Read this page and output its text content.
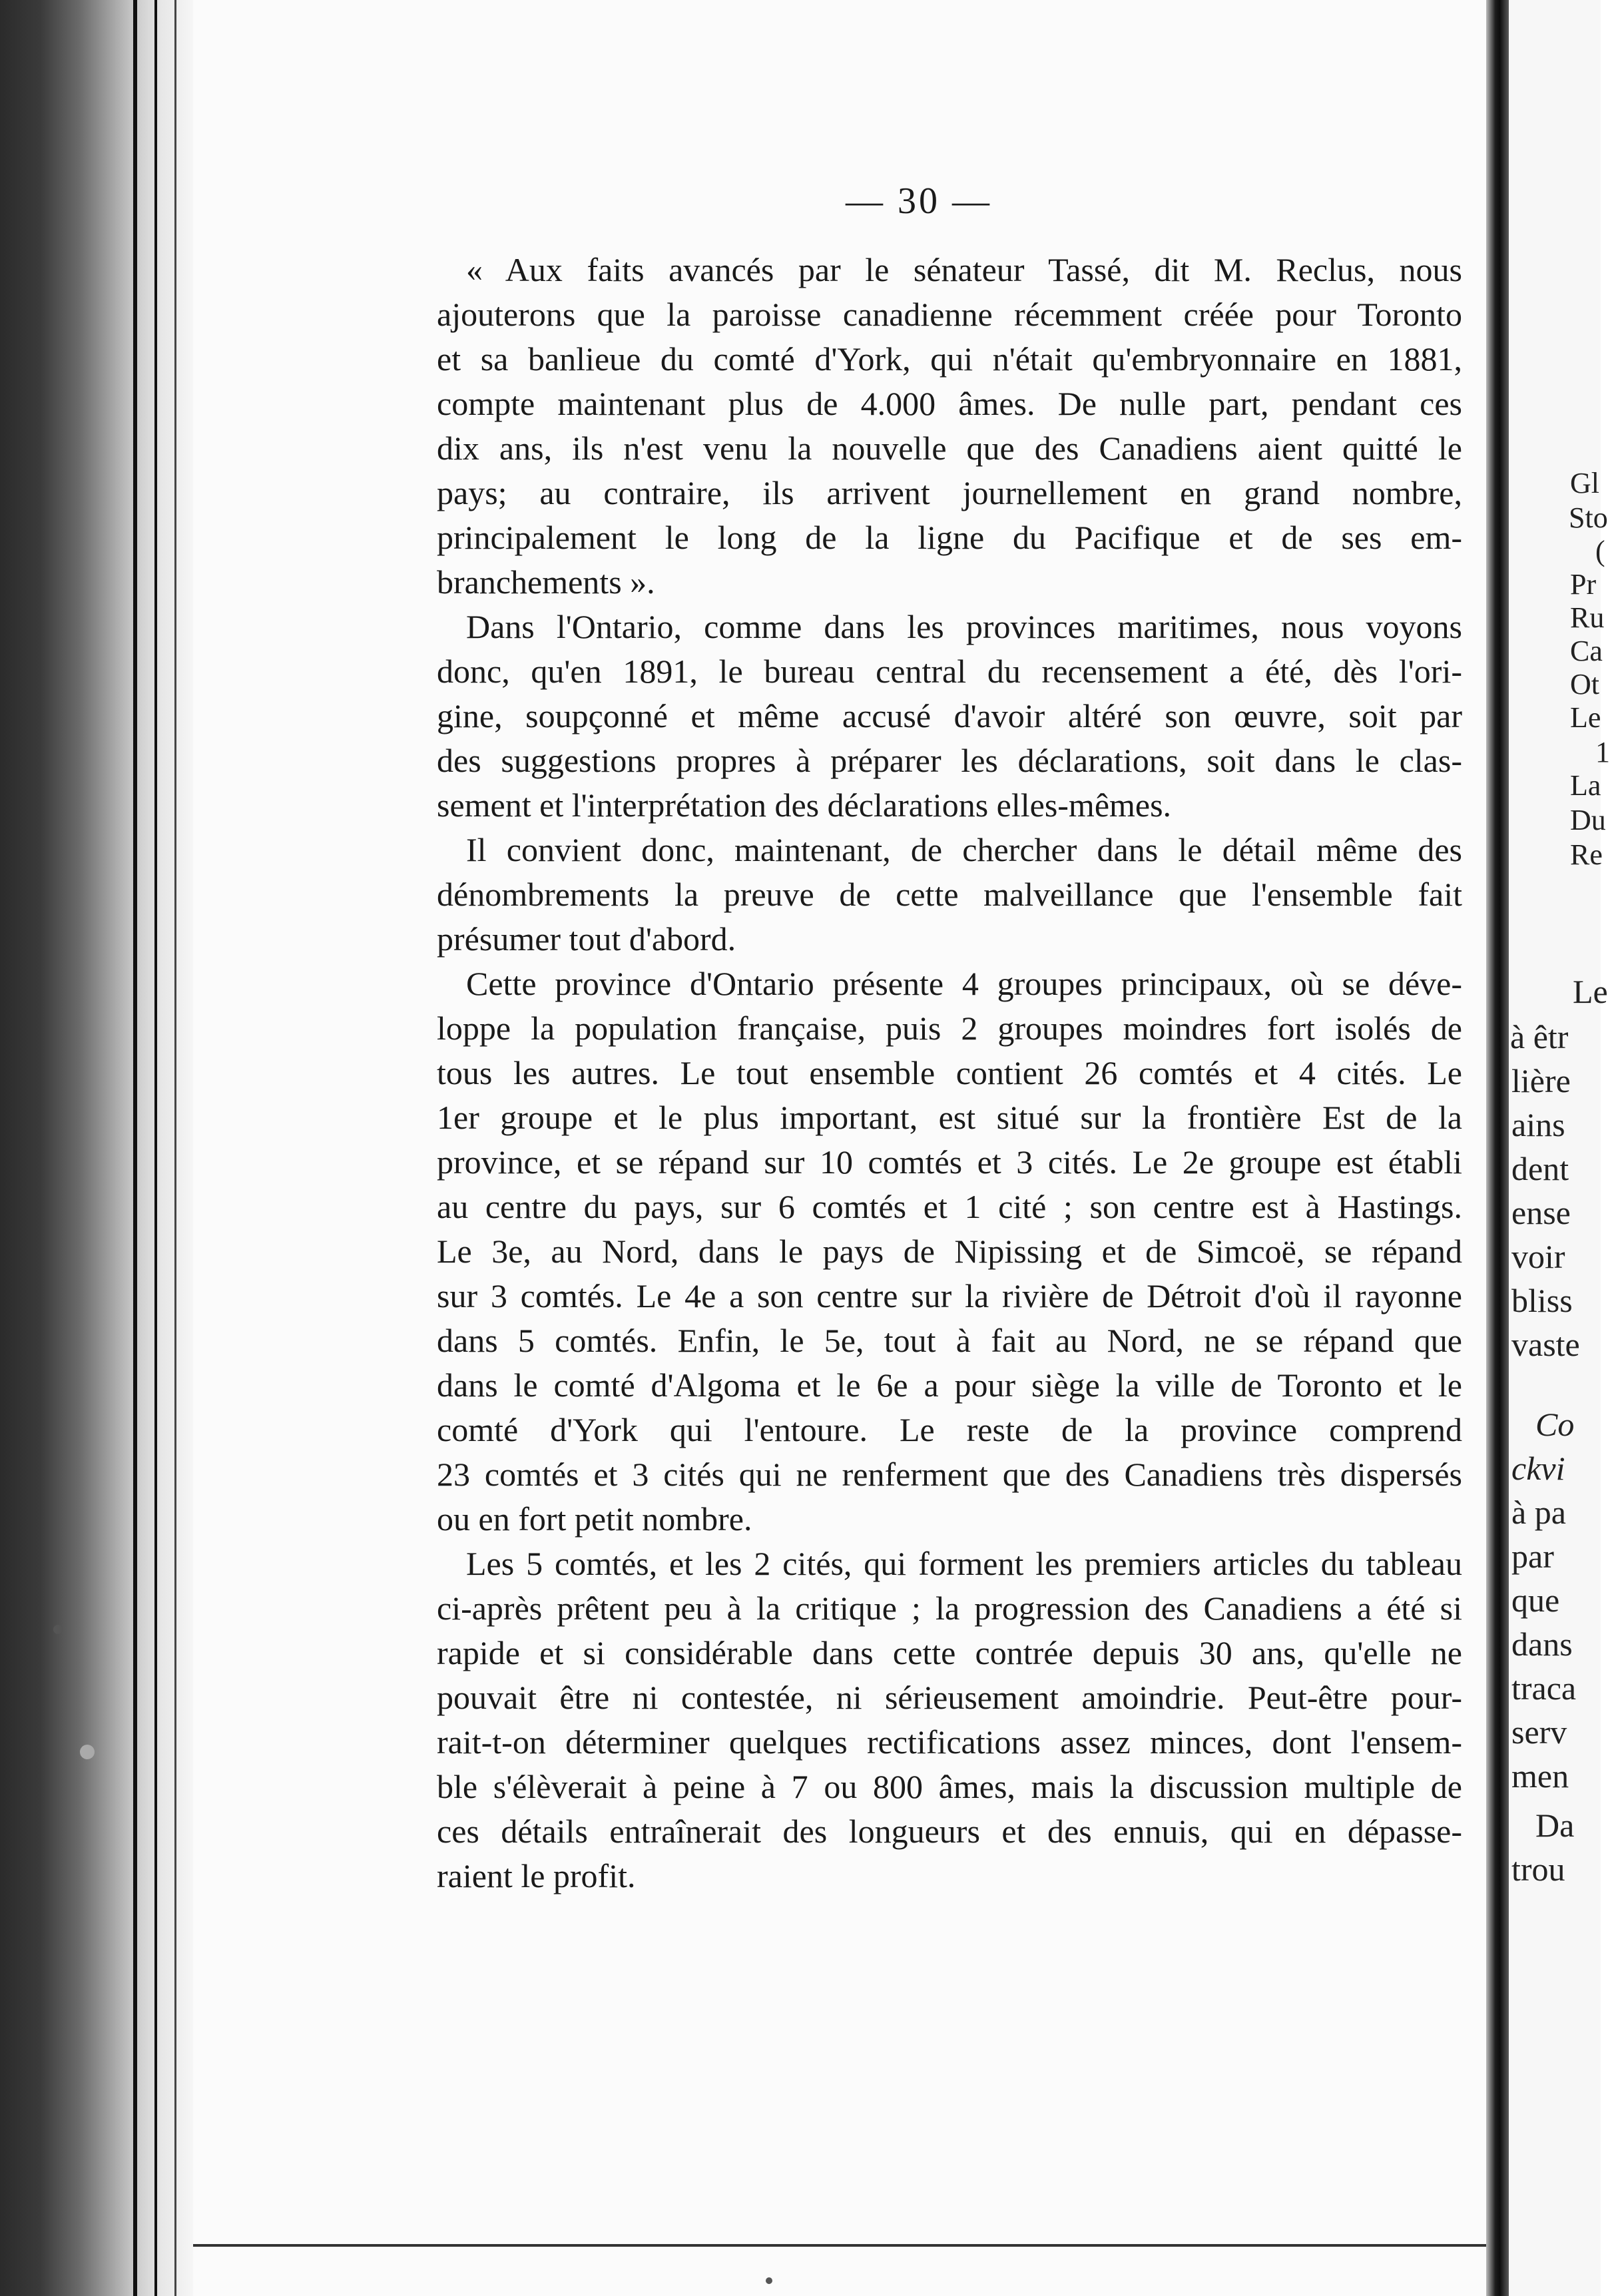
— 30 —
« Aux faits avancés par le sénateur Tassé, dit M. Reclus, nous
ajouterons que la paroisse canadienne récemment créée pour Toronto
et sa banlieue du comté d'York, qui n'était qu'embryonnaire en 1881,
compte maintenant plus de 4.000 âmes. De nulle part, pendant ces
dix ans, ils n'est venu la nouvelle que des Canadiens aient quitté le
pays; au contraire, ils arrivent journellement en grand nombre,
principalement le long de la ligne du Pacifique et de ses em-
branchements ».
Dans l'Ontario, comme dans les provinces maritimes, nous voyons
donc, qu'en 1891, le bureau central du recensement a été, dès l'ori-
gine, soupçonné et même accusé d'avoir altéré son œuvre, soit par
des suggestions propres à préparer les déclarations, soit dans le clas-
sement et l'interprétation des déclarations elles-mêmes.
Il convient donc, maintenant, de chercher dans le détail même des
dénombrements la preuve de cette malveillance que l'ensemble fait
présumer tout d'abord.
Cette province d'Ontario présente 4 groupes principaux, où se déve-
loppe la population française, puis 2 groupes moindres fort isolés de
tous les autres. Le tout ensemble contient 26 comtés et 4 cités. Le
1er groupe et le plus important, est situé sur la frontière Est de la
province, et se répand sur 10 comtés et 3 cités. Le 2e groupe est établi
au centre du pays, sur 6 comtés et 1 cité ; son centre est à Hastings.
Le 3e, au Nord, dans le pays de Nipissing et de Simcoë, se répand
sur 3 comtés. Le 4e a son centre sur la rivière de Détroit d'où il rayonne
dans 5 comtés. Enfin, le 5e, tout à fait au Nord, ne se répand que
dans le comté d'Algoma et le 6e a pour siège la ville de Toronto et le
comté d'York qui l'entoure. Le reste de la province comprend
23 comtés et 3 cités qui ne renferment que des Canadiens très dispersés
ou en fort petit nombre.
Les 5 comtés, et les 2 cités, qui forment les premiers articles du tableau
ci-après prêtent peu à la critique ; la progression des Canadiens a été si
rapide et si considérable dans cette contrée depuis 30 ans, qu'elle ne
pouvait être ni contestée, ni sérieusement amoindrie. Peut-être pour-
rait-t-on déterminer quelques rectifications assez minces, dont l'ensem-
ble s'élèverait à peine à 7 ou 800 âmes, mais la discussion multiple de
ces détails entraînerait des longueurs et des ennuis, qui en dépasse-
raient le profit.
Gl
Sto
(
Pr
Ru
Ca
Ot
Le
1
La
Du
Re
Le
à êtr
lière
ains
dent
ense
voir
bliss
vaste
Co
ckvi
à pa
par
que
dans
traca
serv
men
Da
trou
